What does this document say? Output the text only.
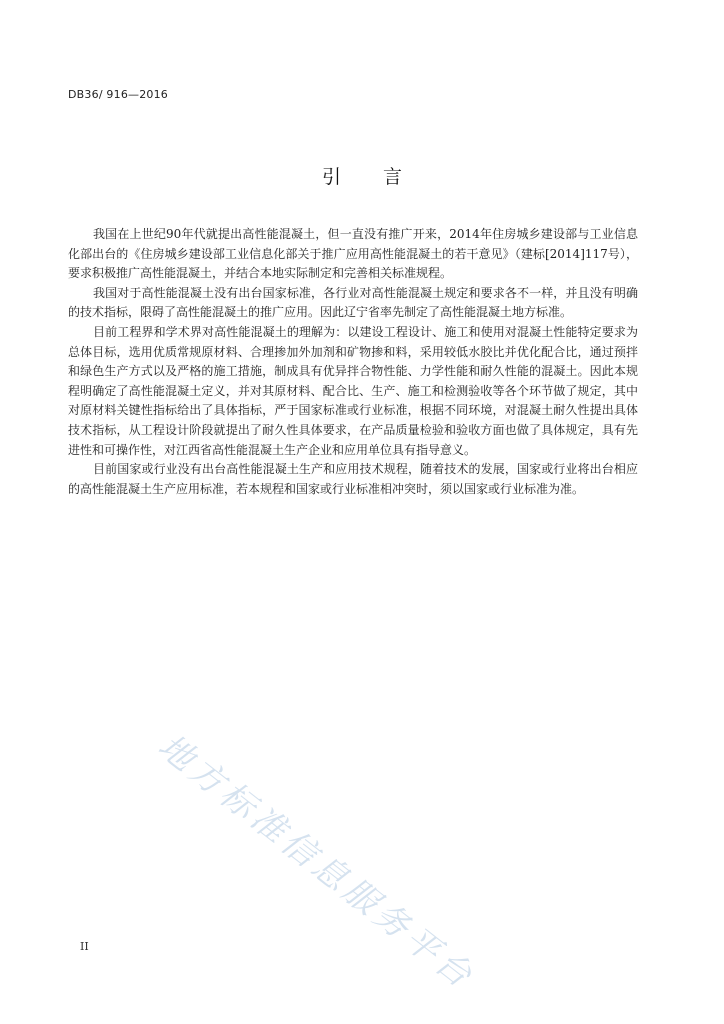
DB36/ 916—2016
引 言

我国在上世纪90年代就提出高性能混凝土，但一直没有推广开来，2014年住房城乡建设部与工业信息化部出台的《住房城乡建设部工业信息化部关于推广应用高性能混凝土的若干意见》（建标[2014]117号），要求积极推广高性能混凝土，并结合本地实际制定和完善相关标准规程。

我国对于高性能混凝土没有出台国家标准，各行业对高性能混凝土规定和要求各不一样，并且没有明确的技术指标，限碍了高性能混凝土的推广应用。因此辽宁省率先制定了高性能混凝土地方标准。

目前工程界和学术界对高性能混凝土的理解为：以建设工程设计、施工和使用对混凝土性能特定要求为总体目标，选用优质常规原材料、合理掺加外加剂和矿物掺和料，采用较低水胶比并优化配合比，通过预拌和绿色生产方式以及严格的施工措施，制成具有优异拌合物性能、力学性能和耐久性能的混凝土。因此本规程明确定了高性能混凝土定义，并对其原材料、配合比、生产、施工和检测验收等各个环节做了规定，其中对原材料关键性指标给出了具体指标，严于国家标准或行业标准，根据不同环境，对混凝土耐久性提出具体技术指标，从工程设计阶段就提出了耐久性具体要求，在产品质量检验和验收方面也做了具体规定，具有先进性和可操作性，对江西省高性能混凝土生产企业和应用单位具有指导意义。

目前国家或行业没有出台高性能混凝土生产和应用技术规程，随着技术的发展，国家或行业将出台相应的高性能混凝土生产应用标准，若本规程和国家或行业标准相冲突时，须以国家或行业标准为准。

地方标准信息服务平台
II
